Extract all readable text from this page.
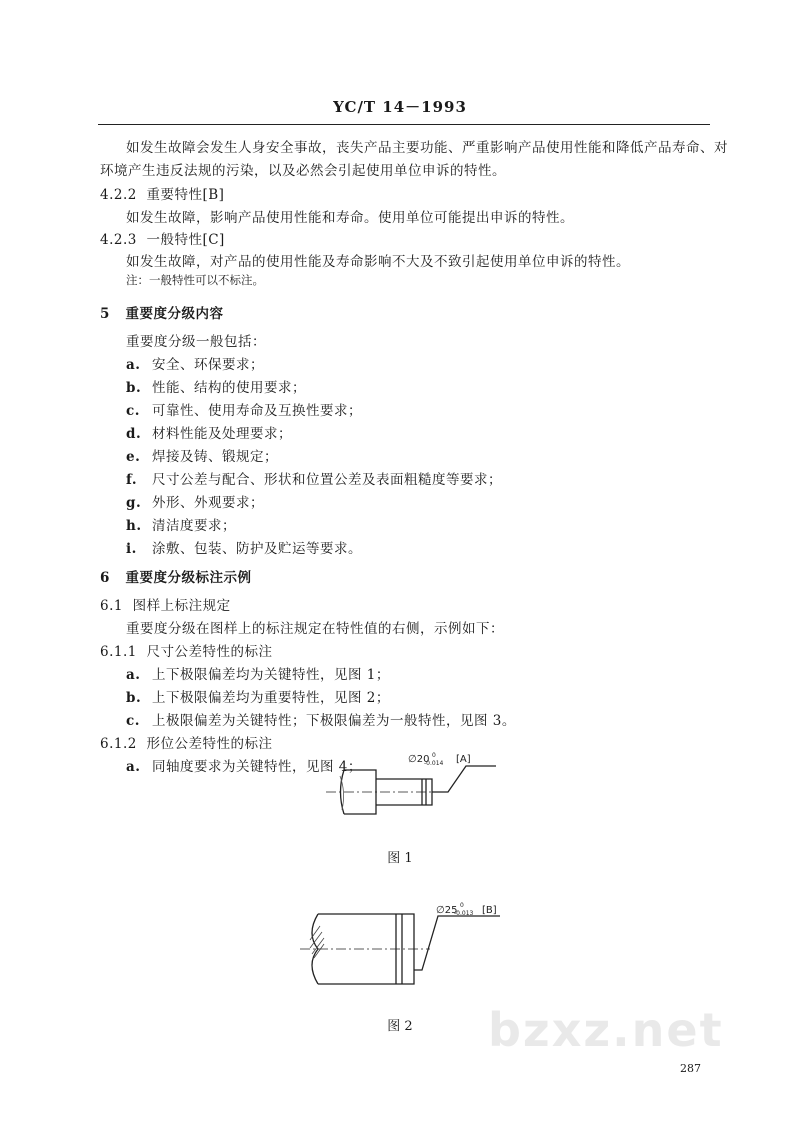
YC/T 14－1993
如发生故障会发生人身安全事故，丧失产品主要功能、严重影响产品使用性能和降低产品寿命、对
环境产生违反法规的污染，以及必然会引起使用单位申诉的特性。
4.2.2 重要特性[B]
如发生故障，影响产品使用性能和寿命。使用单位可能提出申诉的特性。
4.2.3 一般特性[C]
如发生故障，对产品的使用性能及寿命影响不大及不致引起使用单位申诉的特性。
注：一般特性可以不标注。
5 重要度分级内容
重要度分级一般包括：
a. 安全、环保要求；
b. 性能、结构的使用要求；
c. 可靠性、使用寿命及互换性要求；
d. 材料性能及处理要求；
e. 焊接及铸、锻规定；
f. 尺寸公差与配合、形状和位置公差及表面粗糙度等要求；
g. 外形、外观要求；
h. 清洁度要求；
i. 涂敷、包装、防护及贮运等要求。
6 重要度分级标注示例
6.1 图样上标注规定
重要度分级在图样上的标注规定在特性值的右侧，示例如下：
6.1.1 尺寸公差特性的标注
a. 上下极限偏差均为关键特性，见图 1；
b. 上下极限偏差均为重要特性，见图 2；
c. 上极限偏差为关键特性；下极限偏差为一般特性，见图 3。
6.1.2 形位公差特性的标注
a. 同轴度要求为关键特性，见图 4；	∅20 0
-0.014 [A]
图 1
∅25 0
-0.013 [B]
图 2	bzxz.net
287
